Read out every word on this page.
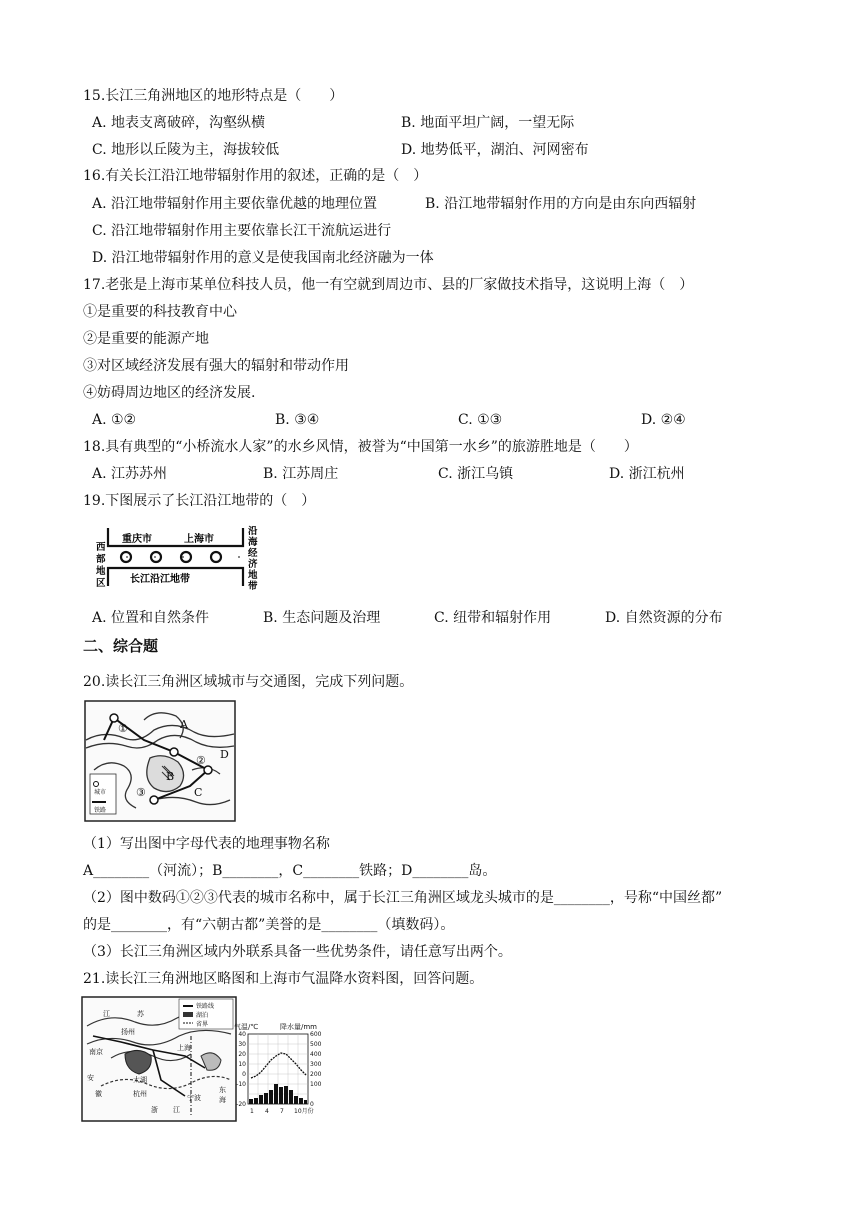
15.长江三角洲地区的地形特点是（　　）
A. 地表支离破碎，沟壑纵横	B. 地面平坦广阔，一望无际
C. 地形以丘陵为主，海拔较低	D. 地势低平，湖泊、河网密布
16.有关长江沿江地带辐射作用的叙述，正确的是（　）
A. 沿江地带辐射作用主要依靠优越的地理位置	B. 沿江地带辐射作用的方向是由东向西辐射
C. 沿江地带辐射作用主要依靠长江干流航运进行
D. 沿江地带辐射作用的意义是使我国南北经济融为一体
17.老张是上海市某单位科技人员，他一有空就到周边市、县的厂家做技术指导，这说明上海（　）
①是重要的科技教育中心
②是重要的能源产地
③对区域经济发展有强大的辐射和带动作用
④妨碍周边地区的经济发展.
A. ①②	B. ③④	C. ①③	D. ②④
18.具有典型的“小桥流水人家”的水乡风情，被誉为“中国第一水乡”的旅游胜地是（　　）
A. 江苏苏州	B. 江苏周庄	C. 浙江乌镇	D. 浙江杭州
19.下图展示了长江沿江地带的（　）
重庆市	上海市
长江沿江地带
西
部
地
区
沿
海
经
济
地
带
A. 位置和自然条件	B. 生态问题及治理	C. 纽带和辐射作用	D. 自然资源的分布
二、综合题
20.读长江三角洲区域城市与交通图，完成下列问题。
A
B
C
D
①
②
③
城市
铁路
（1）写出图中字母代表的地理事物名称
A________（河流）；B________，C________铁路；D________岛。
（2）图中数码①②③代表的城市名称中，属于长江三角洲区域龙头城市的是________，号称“中国丝都”
的是________，有“六朝古都”美誉的是________（填数码）。
（3）长江三角洲区域内外联系具备一些优势条件，请任意写出两个。
21.读长江三角洲地区略图和上海市气温降水资料图，回答问题。
铁路线
湖泊
省界
江	苏
扬州
南京	上海
太湖
杭州	宁波
浙 江
安
徽	东
海
气温/℃	降水量/mm
40
30
20
10
0
-10
-20
600
500
400
300
200
100
0
1 4 7 10月份
